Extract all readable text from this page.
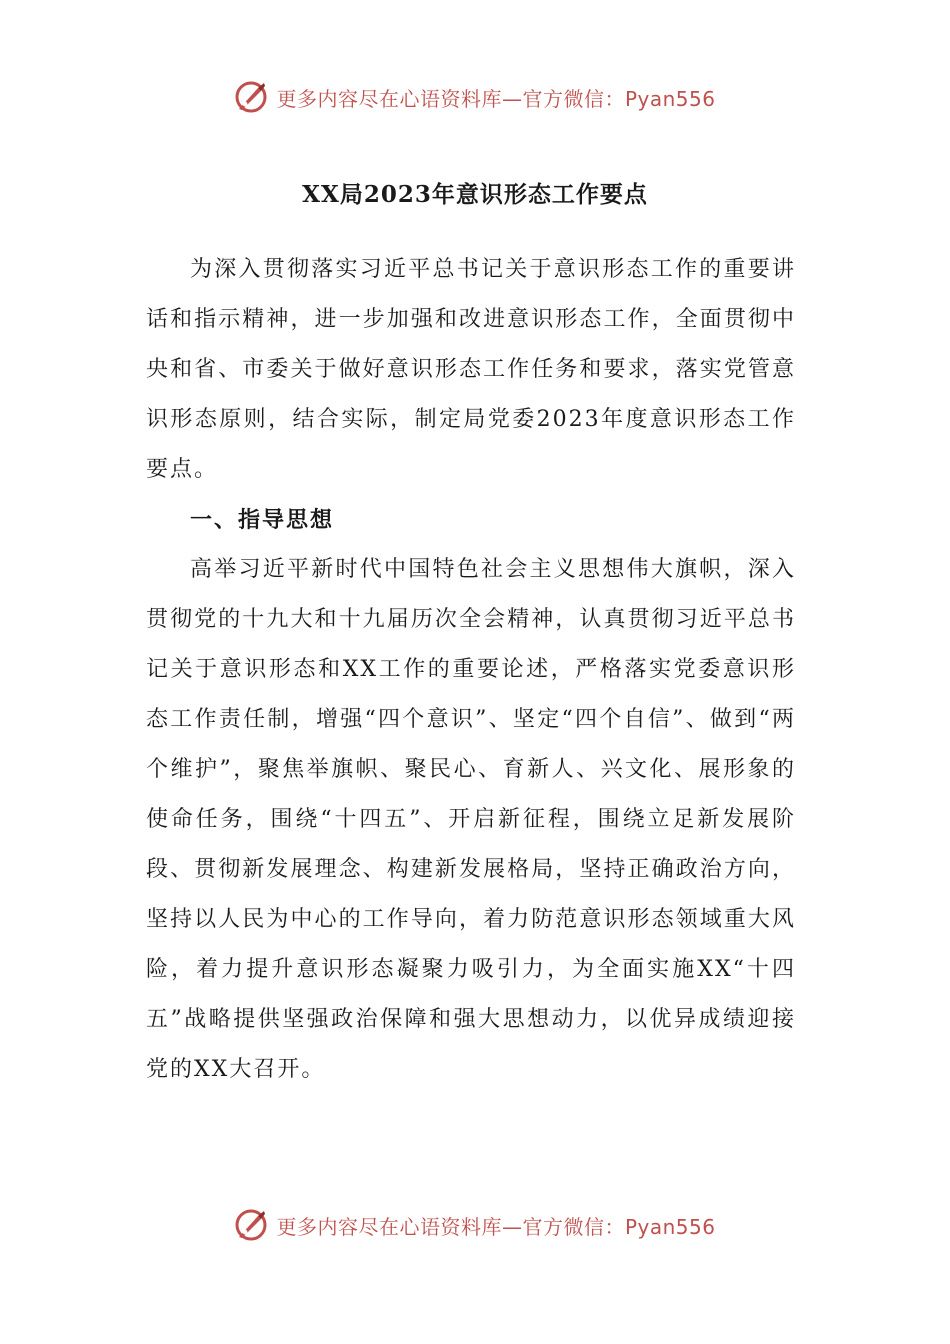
更多内容尽在心语资料库—官方微信：Pyan556
XX局2023年意识形态工作要点

为深入贯彻落实习近平总书记关于意识形态工作的重要讲话和指示精神，进一步加强和改进意识形态工作，全面贯彻中央和省、市委关于做好意识形态工作任务和要求，落实党管意识形态原则，结合实际，制定局党委2023年度意识形态工作要点。

一、指导思想

高举习近平新时代中国特色社会主义思想伟大旗帜，深入贯彻党的十九大和十九届历次全会精神，认真贯彻习近平总书记关于意识形态和XX工作的重要论述，严格落实党委意识形态工作责任制，增强“四个意识”、坚定“四个自信”、做到“两个维护”，聚焦举旗帜、聚民心、育新人、兴文化、展形象的使命任务，围绕“十四五”、开启新征程，围绕立足新发展阶段、贯彻新发展理念、构建新发展格局，坚持正确政治方向，坚持以人民为中心的工作导向，着力防范意识形态领域重大风险，着力提升意识形态凝聚力吸引力，为全面实施XX“十四五”战略提供坚强政治保障和强大思想动力，以优异成绩迎接党的XX大召开。

更多内容尽在心语资料库—官方微信：Pyan556
